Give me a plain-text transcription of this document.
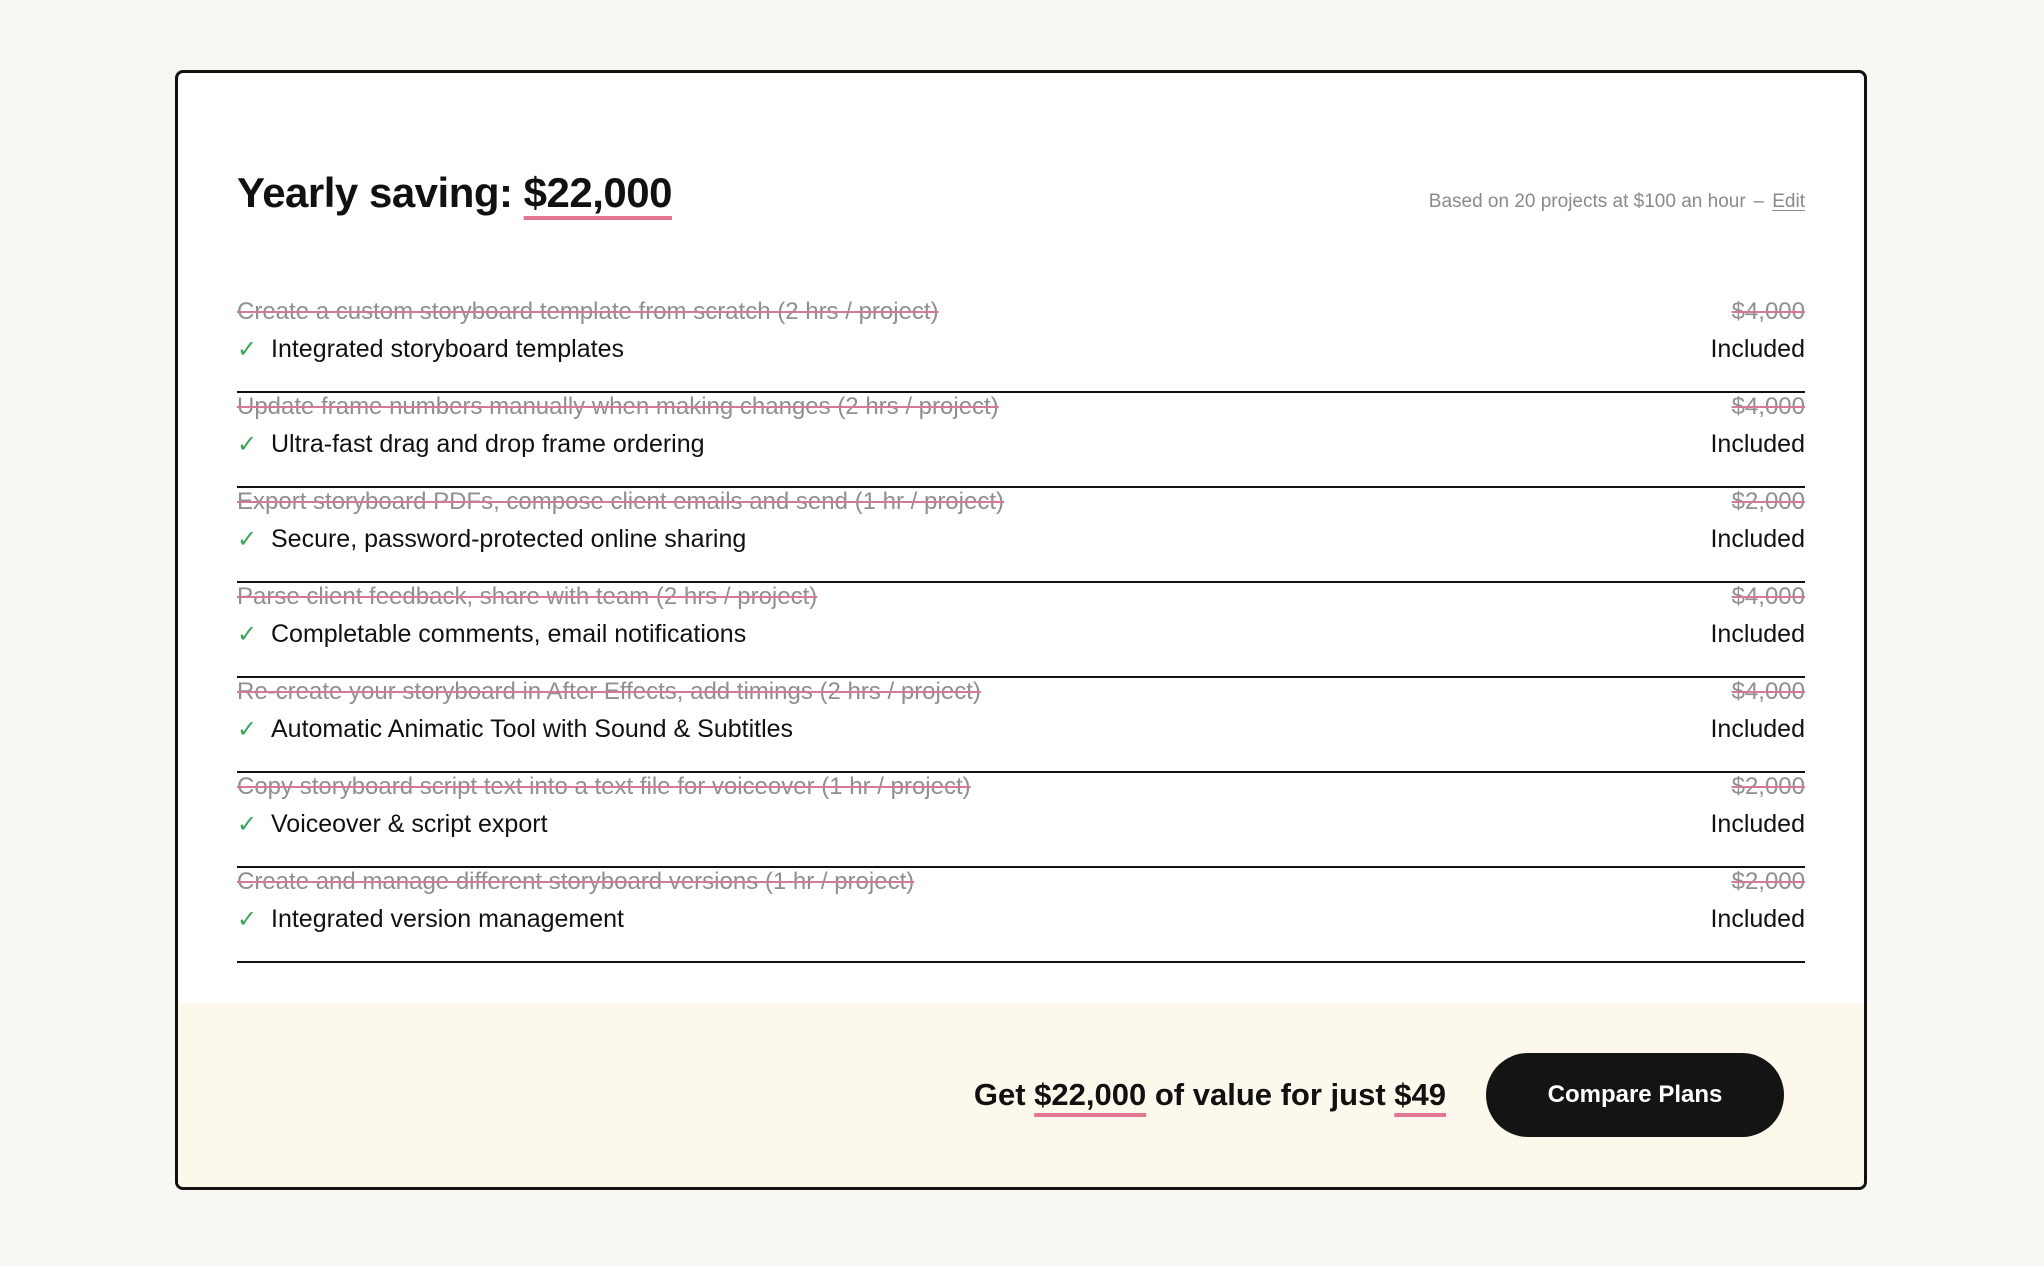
Yearly saving: $22,000	Based on 20 projects at $100 an hour – Edit
Create a custom storyboard template from scratch (2 hrs / project)	$4,000
✓ Integrated storyboard templates	Included
Update frame numbers manually when making changes (2 hrs / project)	$4,000
✓ Ultra-fast drag and drop frame ordering	Included
Export storyboard PDFs, compose client emails and send (1 hr / project)	$2,000
✓ Secure, password-protected online sharing	Included
Parse client feedback, share with team (2 hrs / project)	$4,000
✓ Completable comments, email notifications	Included
Re-create your storyboard in After Effects, add timings (2 hrs / project)	$4,000
✓ Automatic Animatic Tool with Sound & Subtitles	Included
Copy storyboard script text into a text file for voiceover (1 hr / project)	$2,000
✓ Voiceover & script export	Included
Create and manage different storyboard versions (1 hr / project)	$2,000
✓ Integrated version management	Included
Get $22,000 of value for just $49	Compare Plans
